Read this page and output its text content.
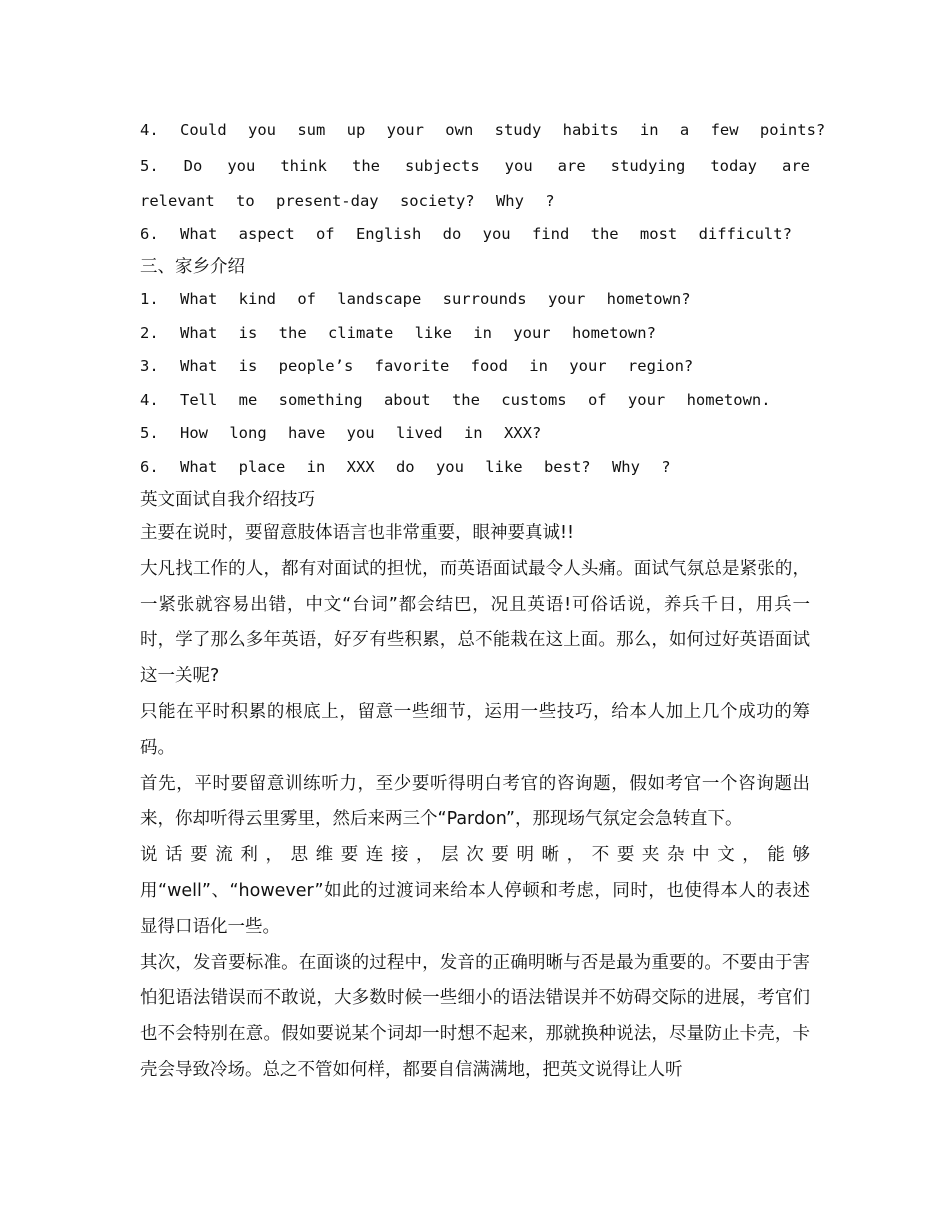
4. Could you sum up your own study habits in a few points?
5. Do you think the subjects you are studying today are
relevant to present-day society? Why ?
6. What aspect of English do you find the most difficult?
三、家乡介绍
1. What kind of landscape surrounds your hometown?
2. What is the climate like in your hometown?
3. What is people’s favorite food in your region?
4. Tell me something about the customs of your hometown.
5. How long have you lived in XXX?
6. What place in XXX do you like best? Why ?
英文面试自我介绍技巧
主要在说时，要留意肢体语言也非常重要，眼神要真诚!!
大凡找工作的人，都有对面试的担忧，而英语面试最令人头痛。面试气氛总是紧张的，一紧张就容易出错，中文“台词”都会结巴，况且英语!可俗话说，养兵千日，用兵一时，学了那么多年英语，好歹有些积累，总不能栽在这上面。那么，如何过好英语面试这一关呢?
只能在平时积累的根底上，留意一些细节，运用一些技巧，给本人加上几个成功的筹码。
首先，平时要留意训练听力，至少要听得明白考官的咨询题，假如考官一个咨询题出来，你却听得云里雾里，然后来两三个“Pardon”，那现场气氛定会急转直下。
说话要流利，思维要连接，层次要明晰，不要夹杂中文，能够用“well”、“however”如此的过渡词来给本人停顿和考虑，同时，也使得本人的表述显得口语化一些。
其次，发音要标准。在面谈的过程中，发音的正确明晰与否是最为重要的。不要由于害怕犯语法错误而不敢说，大多数时候一些细小的语法错误并不妨碍交际的进展，考官们也不会特别在意。假如要说某个词却一时想不起来，那就换种说法，尽量防止卡壳，卡壳会导致冷场。总之不管如何样，都要自信满满地，把英文说得让人听
